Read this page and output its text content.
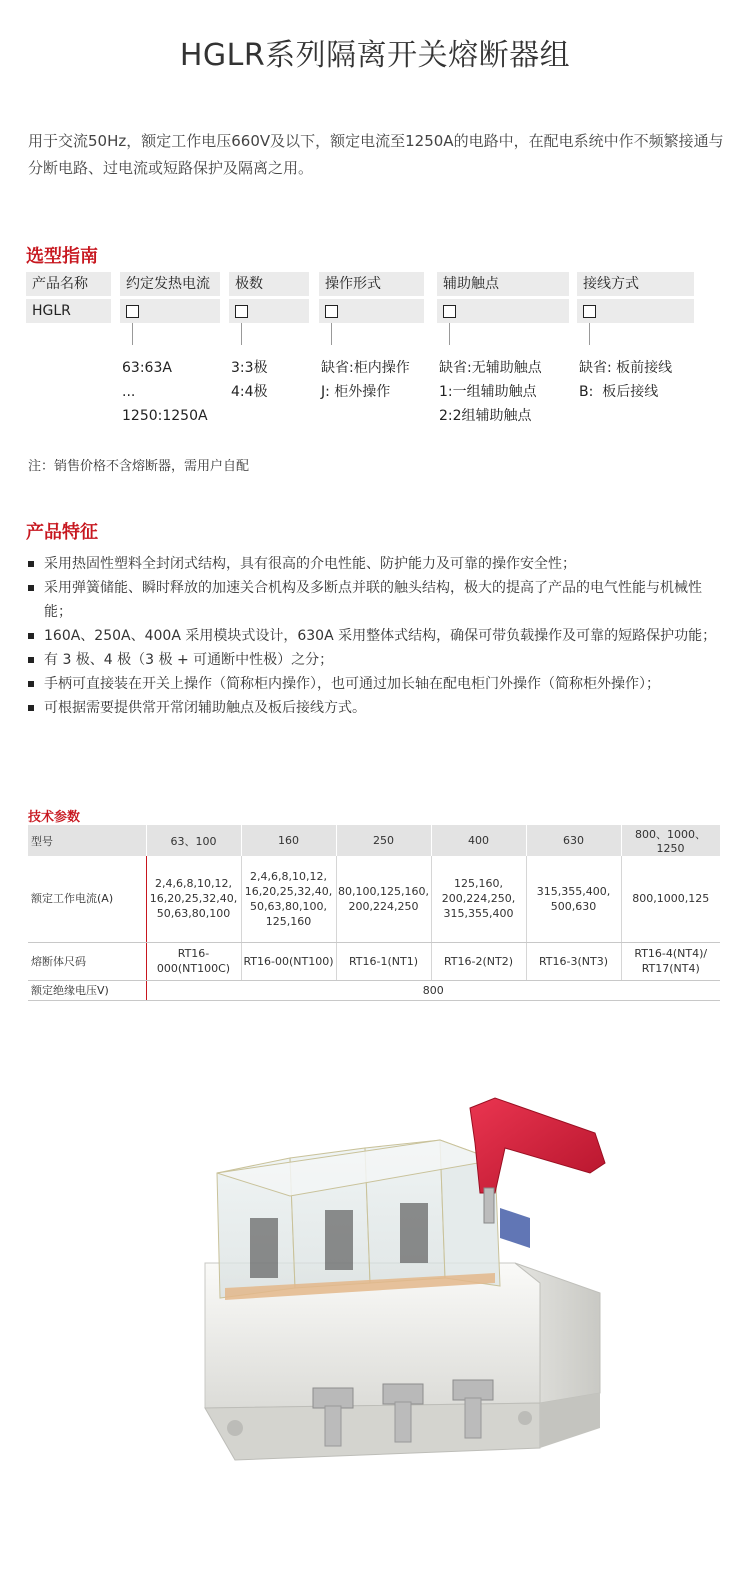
HGLR系列隔离开关熔断器组
用于交流50Hz，额定工作电压660V及以下，额定电流至1250A的电路中，在配电系统中作不频繁接通与分断电路、过电流或短路保护及隔离之用。
选型指南
产品名称
HGLR
约定发热电流
63:63A
...
1250:1250A
极数
3:3极
4:4极
操作形式
缺省:柜内操作
J: 柜外操作
辅助触点
缺省:无辅助触点
1:一组辅助触点
2:2组辅助触点
接线方式
缺省: 板前接线
B:  板后接线
注：销售价格不含熔断器，需用户自配
产品特征
采用热固性塑料全封闭式结构，具有很高的介电性能、防护能力及可靠的操作安全性；
采用弹簧储能、瞬时释放的加速关合机构及多断点并联的触头结构，极大的提高了产品的电气性能与机械性能；
160A、250A、400A 采用模块式设计，630A 采用整体式结构，确保可带负载操作及可靠的短路保护功能；
有 3 极、4 极（3 极 + 可通断中性极）之分；
手柄可直接装在开关上操作（简称柜内操作），也可通过加长轴在配电柜门外操作（简称柜外操作）；
可根据需要提供常开常闭辅助触点及板后接线方式。
技术参数
型号	63、100	160	250	400	630	800、1000、1250
额定工作电流(A)	2,4,6,8,10,12,
16,20,25,32,40,
50,63,80,100	2,4,6,8,10,12,
16,20,25,32,40,
50,63,80,100,
125,160	80,100,125,160,
200,224,250	125,160,
200,224,250,
315,355,400	315,355,400,
500,630	800,1000,125
熔断体尺码	RT16-
000(NT100C)	RT16-00(NT100)	RT16-1(NT1)	RT16-2(NT2)	RT16-3(NT3)	RT16-4(NT4)/
RT17(NT4)
额定绝缘电压V)	800					
